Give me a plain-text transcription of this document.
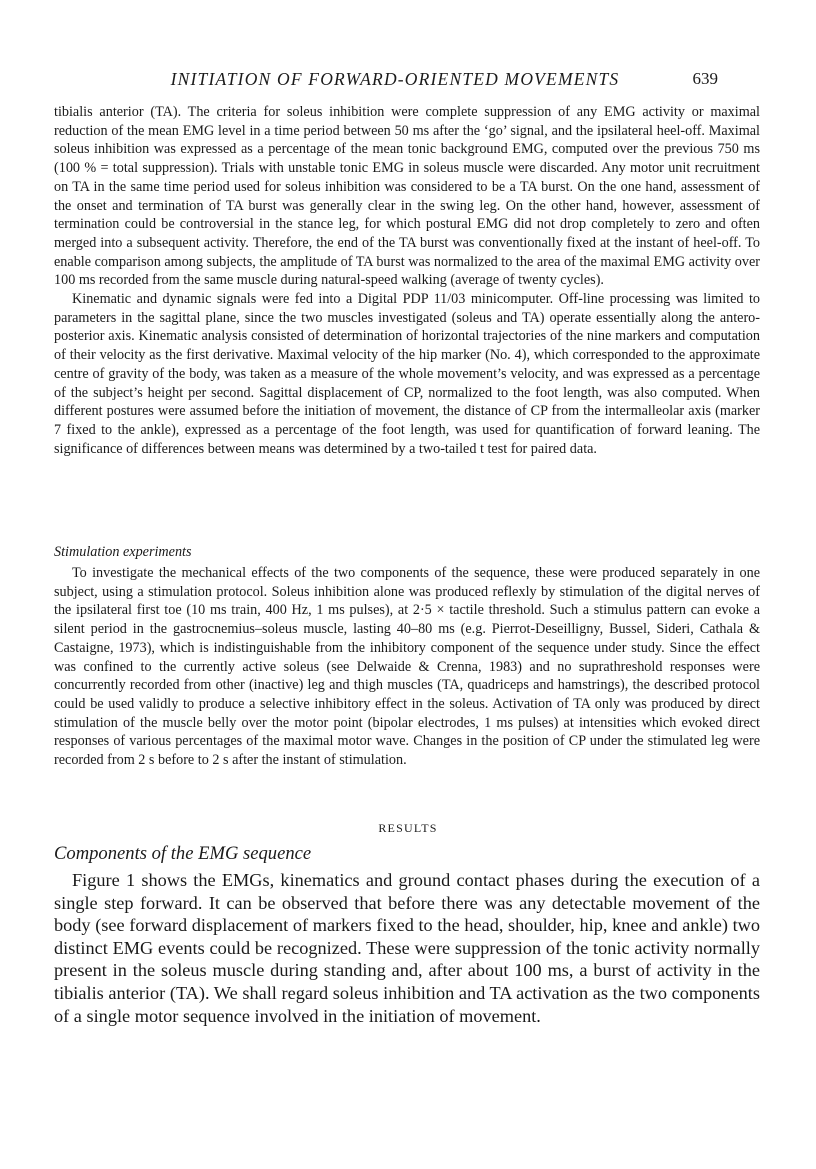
INITIATION OF FORWARD-ORIENTED MOVEMENTS	639

tibialis anterior (TA). The criteria for soleus inhibition were complete suppression of any EMG activity or maximal reduction of the mean EMG level in a time period between 50 ms after the ‘go’ signal, and the ipsilateral heel-off. Maximal soleus inhibition was expressed as a percentage of the mean tonic background EMG, computed over the previous 750 ms (100 % = total suppression). Trials with unstable tonic EMG in soleus muscle were discarded. Any motor unit recruitment on TA in the same time period used for soleus inhibition was considered to be a TA burst. On the one hand, assessment of the onset and termination of TA burst was generally clear in the swing leg. On the other hand, however, assessment of termination could be controversial in the stance leg, for which postural EMG did not drop completely to zero and often merged into a subsequent activity. Therefore, the end of the TA burst was conventionally fixed at the instant of heel-off. To enable comparison among subjects, the amplitude of TA burst was normalized to the area of the maximal EMG activity over 100 ms recorded from the same muscle during natural-speed walking (average of twenty cycles).

Kinematic and dynamic signals were fed into a Digital PDP 11/03 minicomputer. Off-line processing was limited to parameters in the sagittal plane, since the two muscles investigated (soleus and TA) operate essentially along the antero-posterior axis. Kinematic analysis consisted of determination of horizontal trajectories of the nine markers and computation of their velocity as the first derivative. Maximal velocity of the hip marker (No. 4), which corresponded to the approximate centre of gravity of the body, was taken as a measure of the whole movement’s velocity, and was expressed as a percentage of the subject’s height per second. Sagittal displacement of CP, normalized to the foot length, was also computed. When different postures were assumed before the initiation of movement, the distance of CP from the intermalleolar axis (marker 7 fixed to the ankle), expressed as a percentage of the foot length, was used for quantification of forward leaning. The significance of differences between means was determined by a two-tailed t test for paired data.

Stimulation experiments

To investigate the mechanical effects of the two components of the sequence, these were produced separately in one subject, using a stimulation protocol. Soleus inhibition alone was produced reflexly by stimulation of the digital nerves of the ipsilateral first toe (10 ms train, 400 Hz, 1 ms pulses), at 2·5 × tactile threshold. Such a stimulus pattern can evoke a silent period in the gastrocnemius–soleus muscle, lasting 40–80 ms (e.g. Pierrot-Deseilligny, Bussel, Sideri, Cathala & Castaigne, 1973), which is indistinguishable from the inhibitory component of the sequence under study. Since the effect was confined to the currently active soleus (see Delwaide & Crenna, 1983) and no suprathreshold responses were concurrently recorded from other (inactive) leg and thigh muscles (TA, quadriceps and hamstrings), the described protocol could be used validly to produce a selective inhibitory effect in the soleus. Activation of TA only was produced by direct stimulation of the muscle belly over the motor point (bipolar electrodes, 1 ms pulses) at intensities which evoked direct responses of various percentages of the maximal motor wave. Changes in the position of CP under the stimulated leg were recorded from 2 s before to 2 s after the instant of stimulation.

RESULTS
Components of the EMG sequence

Figure 1 shows the EMGs, kinematics and ground contact phases during the execution of a single step forward. It can be observed that before there was any detectable movement of the body (see forward displacement of markers fixed to the head, shoulder, hip, knee and ankle) two distinct EMG events could be recognized. These were suppression of the tonic activity normally present in the soleus muscle during standing and, after about 100 ms, a burst of activity in the tibialis anterior (TA). We shall regard soleus inhibition and TA activation as the two components of a single motor sequence involved in the initiation of movement.
